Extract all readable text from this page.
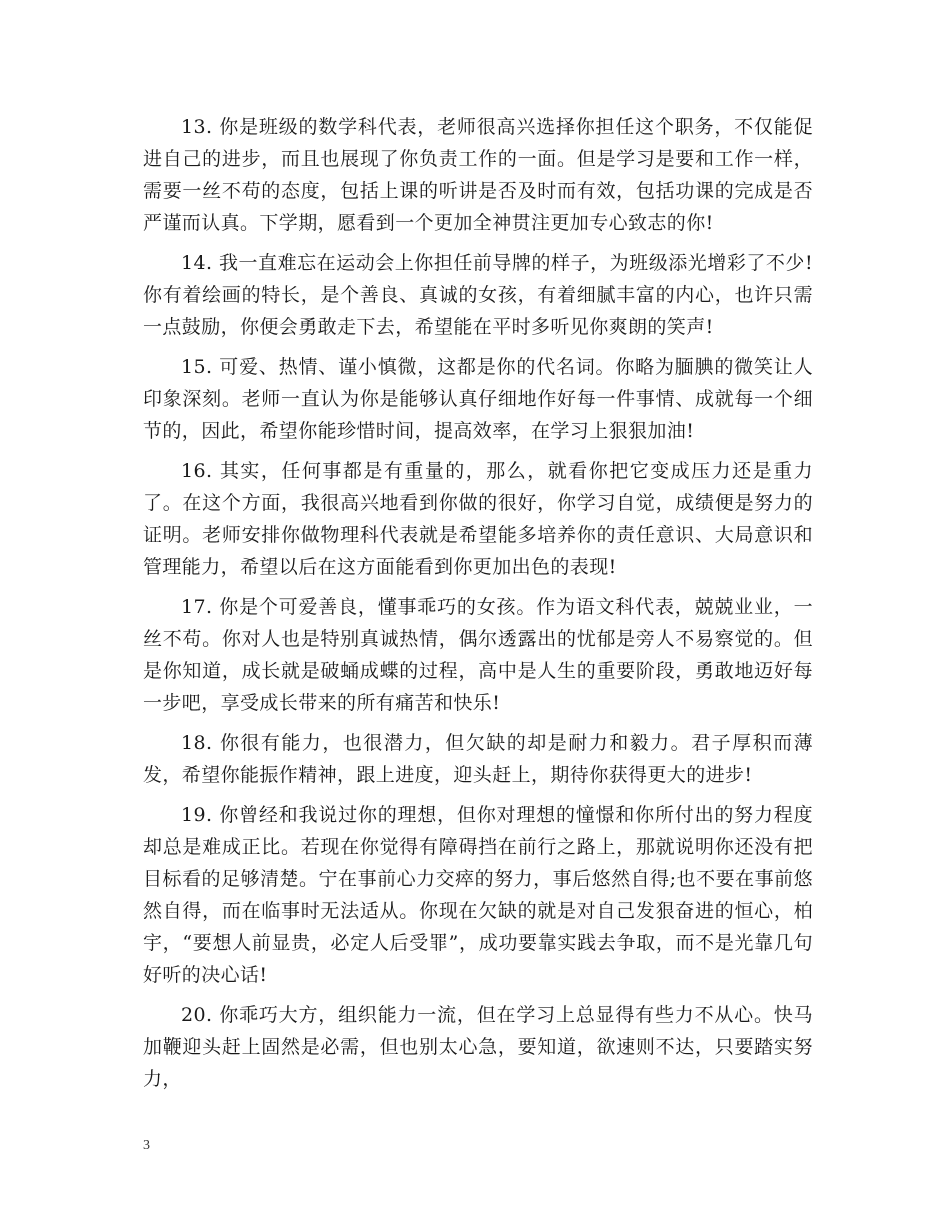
13. 你是班级的数学科代表，老师很高兴选择你担任这个职务，不仅能促进自己的进步，而且也展现了你负责工作的一面。但是学习是要和工作一样，需要一丝不苟的态度，包括上课的听讲是否及时而有效，包括功课的完成是否严谨而认真。下学期，愿看到一个更加全神贯注更加专心致志的你!

14. 我一直难忘在运动会上你担任前导牌的样子，为班级添光增彩了不少!你有着绘画的特长，是个善良、真诚的女孩，有着细腻丰富的内心，也许只需一点鼓励，你便会勇敢走下去，希望能在平时多听见你爽朗的笑声!

15. 可爱、热情、谨小慎微，这都是你的代名词。你略为腼腆的微笑让人印象深刻。老师一直认为你是能够认真仔细地作好每一件事情、成就每一个细节的，因此，希望你能珍惜时间，提高效率，在学习上狠狠加油!

16. 其实，任何事都是有重量的，那么，就看你把它变成压力还是重力了。在这个方面，我很高兴地看到你做的很好，你学习自觉，成绩便是努力的证明。老师安排你做物理科代表就是希望能多培养你的责任意识、大局意识和管理能力，希望以后在这方面能看到你更加出色的表现!

17. 你是个可爱善良，懂事乖巧的女孩。作为语文科代表，兢兢业业，一丝不苟。你对人也是特别真诚热情，偶尔透露出的忧郁是旁人不易察觉的。但是你知道，成长就是破蛹成蝶的过程，高中是人生的重要阶段，勇敢地迈好每一步吧，享受成长带来的所有痛苦和快乐!

18. 你很有能力，也很潜力，但欠缺的却是耐力和毅力。君子厚积而薄发，希望你能振作精神，跟上进度，迎头赶上，期待你获得更大的进步!

19. 你曾经和我说过你的理想，但你对理想的憧憬和你所付出的努力程度却总是难成正比。若现在你觉得有障碍挡在前行之路上，那就说明你还没有把目标看的足够清楚。宁在事前心力交瘁的努力，事后悠然自得;也不要在事前悠然自得，而在临事时无法适从。你现在欠缺的就是对自己发狠奋进的恒心，柏宇，“要想人前显贵，必定人后受罪”，成功要靠实践去争取，而不是光靠几句好听的决心话!

20. 你乖巧大方，组织能力一流，但在学习上总显得有些力不从心。快马加鞭迎头赶上固然是必需，但也别太心急，要知道，欲速则不达，只要踏实努力，

3
